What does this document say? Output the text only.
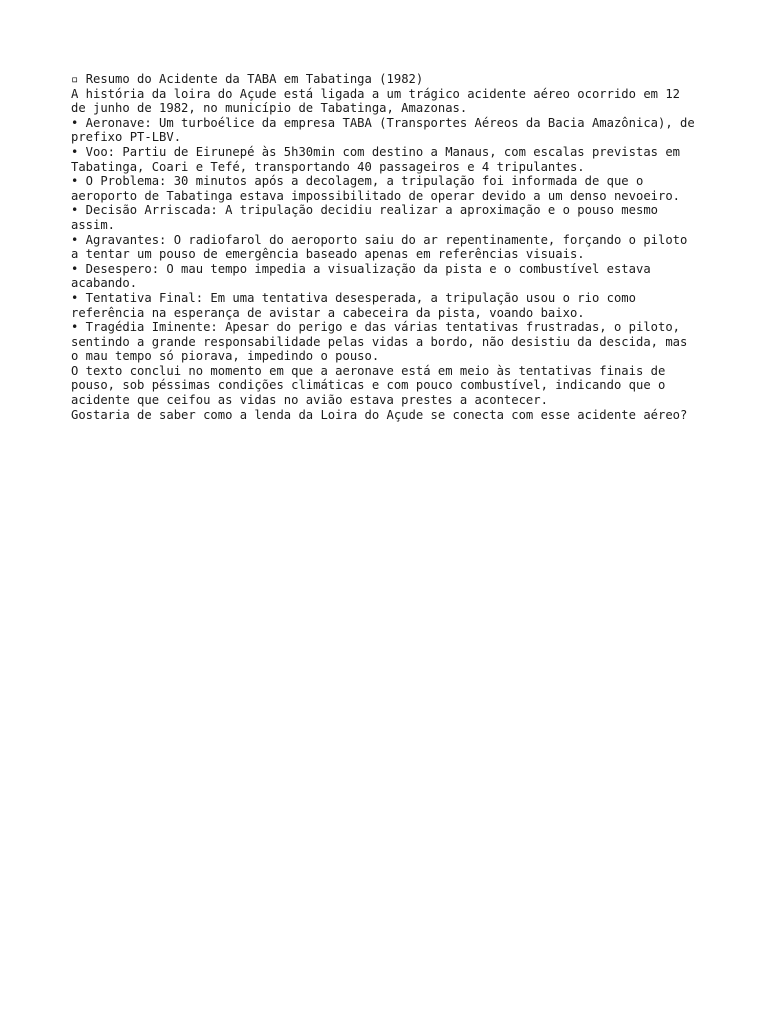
▫ Resumo do Acidente da TABA em Tabatinga (1982)
A história da loira do Açude está ligada a um trágico acidente aéreo ocorrido em 12 de junho de 1982, no município de Tabatinga, Amazonas.
• Aeronave: Um turboélice da empresa TABA (Transportes Aéreos da Bacia Amazônica), de prefixo PT-LBV.
• Voo: Partiu de Eirunepé às 5h30min com destino a Manaus, com escalas previstas em Tabatinga, Coari e Tefé, transportando 40 passageiros e 4 tripulantes.
• O Problema: 30 minutos após a decolagem, a tripulação foi informada de que o aeroporto de Tabatinga estava impossibilitado de operar devido a um denso nevoeiro.
• Decisão Arriscada: A tripulação decidiu realizar a aproximação e o pouso mesmo assim.
• Agravantes: O radiofarol do aeroporto saiu do ar repentinamente, forçando o piloto a tentar um pouso de emergência baseado apenas em referências visuais.
• Desespero: O mau tempo impedia a visualização da pista e o combustível estava acabando.
• Tentativa Final: Em uma tentativa desesperada, a tripulação usou o rio como referência na esperança de avistar a cabeceira da pista, voando baixo.
• Tragédia Iminente: Apesar do perigo e das várias tentativas frustradas, o piloto, sentindo a grande responsabilidade pelas vidas a bordo, não desistiu da descida, mas o mau tempo só piorava, impedindo o pouso.
O texto conclui no momento em que a aeronave está em meio às tentativas finais de pouso, sob péssimas condições climáticas e com pouco combustível, indicando que o acidente que ceifou as vidas no avião estava prestes a acontecer.
Gostaria de saber como a lenda da Loira do Açude se conecta com esse acidente aéreo?
